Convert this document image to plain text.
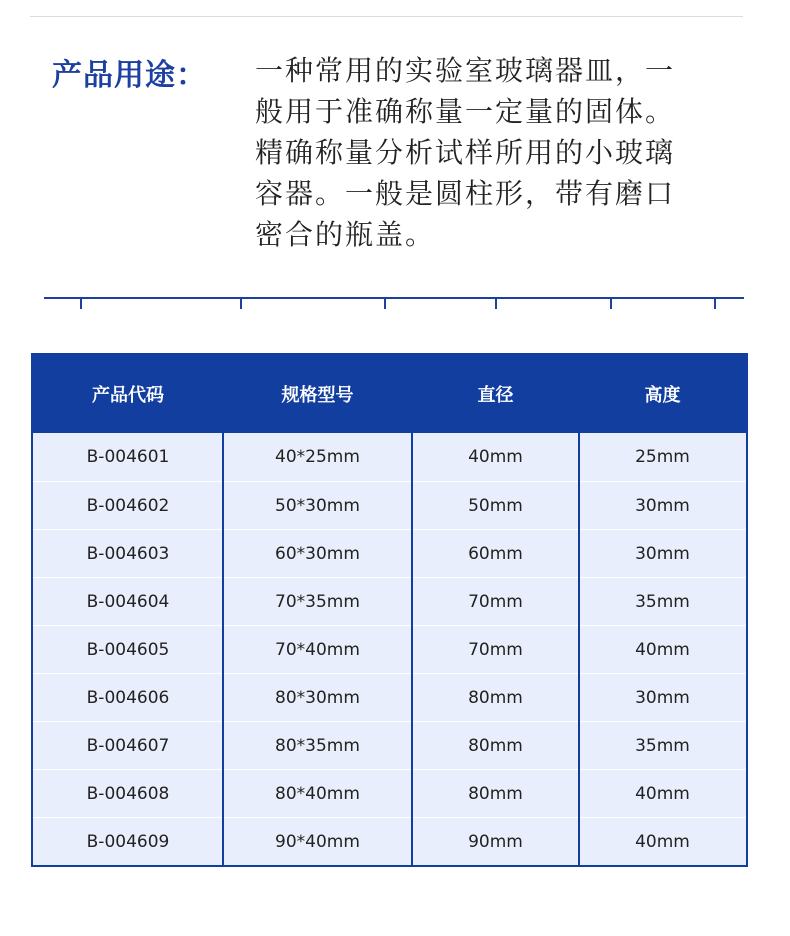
产品用途： 一种常用的实验室玻璃器皿，一
般用于准确称量一定量的固体。
精确称量分析试样所用的小玻璃
容器。一般是圆柱形，带有磨口
密合的瓶盖。
产品代码	规格型号	直径	高度
B-004601	40*25mm	40mm	25mm
B-004602	50*30mm	50mm	30mm
B-004603	60*30mm	60mm	30mm
B-004604	70*35mm	70mm	35mm
B-004605	70*40mm	70mm	40mm
B-004606	80*30mm	80mm	30mm
B-004607	80*35mm	80mm	35mm
B-004608	80*40mm	80mm	40mm
B-004609	90*40mm	90mm	40mm
